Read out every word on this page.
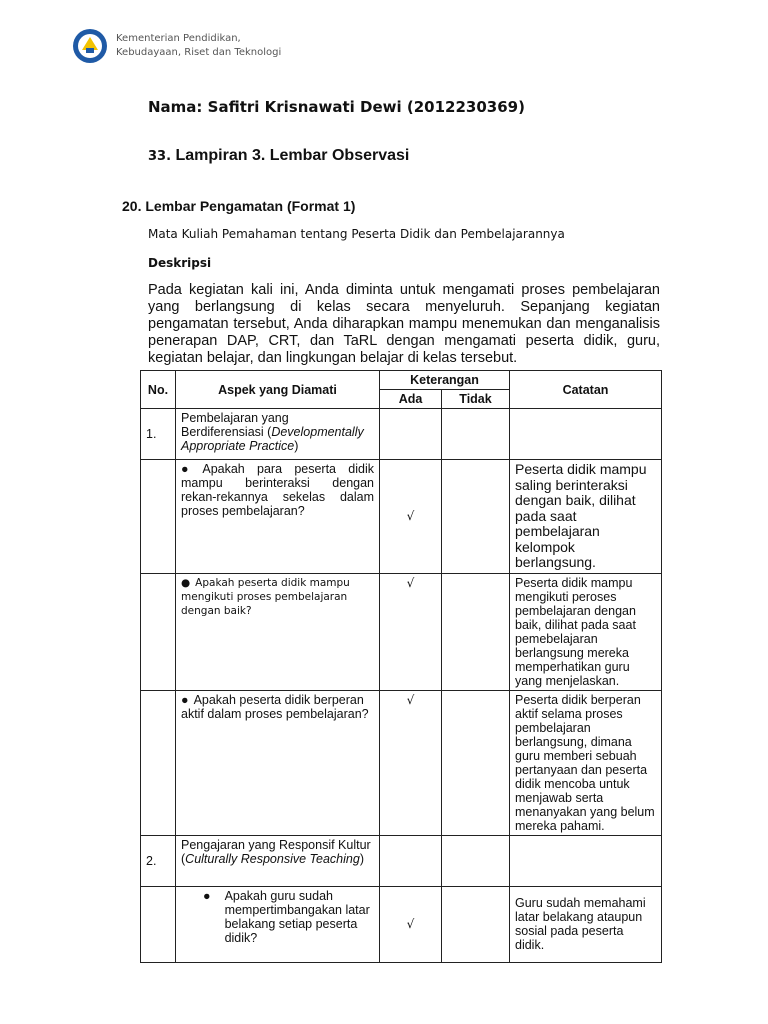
Kementerian Pendidikan,
Kebudayaan, Riset dan Teknologi
Nama: Safitri Krisnawati Dewi (2012230369)
33. Lampiran 3. Lembar Observasi
20. Lembar Pengamatan (Format 1)
Mata Kuliah Pemahaman tentang Peserta Didik dan Pembelajarannya
Deskripsi
Pada kegiatan kali ini, Anda diminta untuk mengamati proses pembelajaran yang berlangsung di kelas secara menyeluruh. Sepanjang kegiatan pengamatan tersebut, Anda diharapkan mampu menemukan dan menganalisis penerapan DAP, CRT, dan TaRL dengan mengamati peserta didik, guru, kegiatan belajar, dan lingkungan belajar di kelas tersebut.
No.	Aspek yang Diamati	Keterangan		Catatan
		Ada	Tidak	
1.	Pembelajaran yang Berdiferensiasi (Developmentally Appropriate Practice)			
	● Apakah para peserta didik mampu berinteraksi dengan rekan-rekannya sekelas dalam proses pembelajaran?	√		Peserta didik mampu saling berinteraksi dengan baik, dilihat pada saat pembelajaran kelompok berlangsung.
	● Apakah peserta didik mampu mengikuti proses pembelajaran dengan baik?	√		Peserta didik mampu mengikuti peroses pembelajaran dengan baik, dilihat pada saat pemebelajaran berlangsung mereka memperhatikan guru yang menjelaskan.
	● Apakah peserta didik berperan aktif dalam proses pembelajaran?	√		Peserta didik berperan aktif selama proses pembelajaran berlangsung, dimana guru memberi sebuah pertanyaan dan peserta didik mencoba untuk menjawab serta menanyakan yang belum mereka pahami.
2.	Pengajaran yang Responsif Kultur (Culturally Responsive Teaching)			

	● Apakah guru sudah mempertimbangakan latar belakang setiap peserta didik?	√		Guru sudah memahami latar belakang ataupun sosial pada peserta didik.
